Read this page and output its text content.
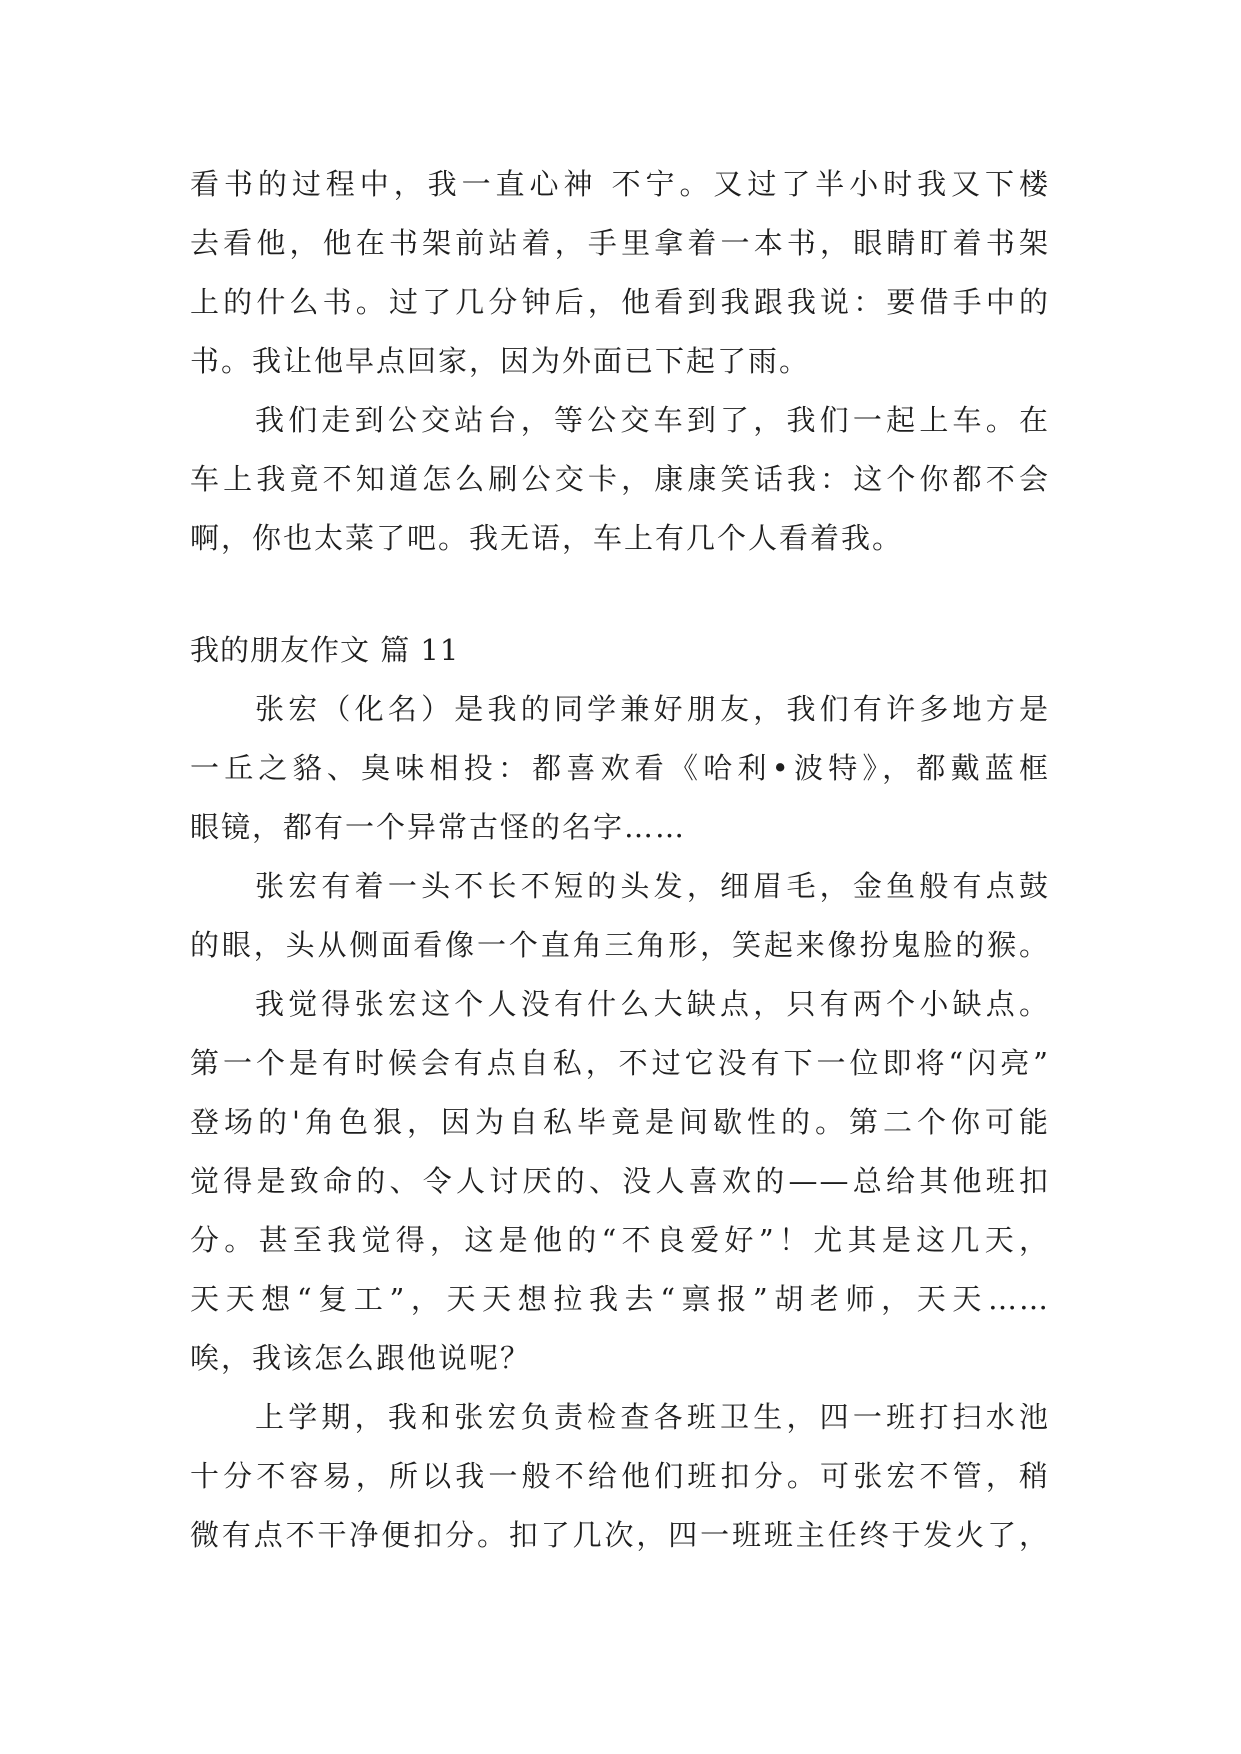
看书的过程中，我一直心神 不宁。又过了半小时我又下楼
去看他，他在书架前站着，手里拿着一本书，眼睛盯着书架
上的什么书。过了几分钟后，他看到我跟我说：要借手中的
书。我让他早点回家，因为外面已下起了雨。
我们走到公交站台，等公交车到了，我们一起上车。在
车上我竟不知道怎么刷公交卡，康康笑话我：这个你都不会
啊，你也太菜了吧。我无语，车上有几个人看着我。
我的朋友作文 篇 11
张宏（化名）是我的同学兼好朋友，我们有许多地方是
一丘之貉、臭味相投：都喜欢看《哈利•波特》，都戴蓝框
眼镜，都有一个异常古怪的名字……
张宏有着一头不长不短的头发，细眉毛，金鱼般有点鼓
的眼，头从侧面看像一个直角三角形，笑起来像扮鬼脸的猴。
我觉得张宏这个人没有什么大缺点，只有两个小缺点。
第一个是有时候会有点自私，不过它没有下一位即将“闪亮”
登场的'角色狠，因为自私毕竟是间歇性的。第二个你可能
觉得是致命的、令人讨厌的、没人喜欢的——总给其他班扣
分。甚至我觉得，这是他的“不良爱好”！尤其是这几天，
天天想“复工”，天天想拉我去“禀报”胡老师，天天……
唉，我该怎么跟他说呢？
上学期，我和张宏负责检查各班卫生，四一班打扫水池
十分不容易，所以我一般不给他们班扣分。可张宏不管，稍
微有点不干净便扣分。扣了几次，四一班班主任终于发火了，
